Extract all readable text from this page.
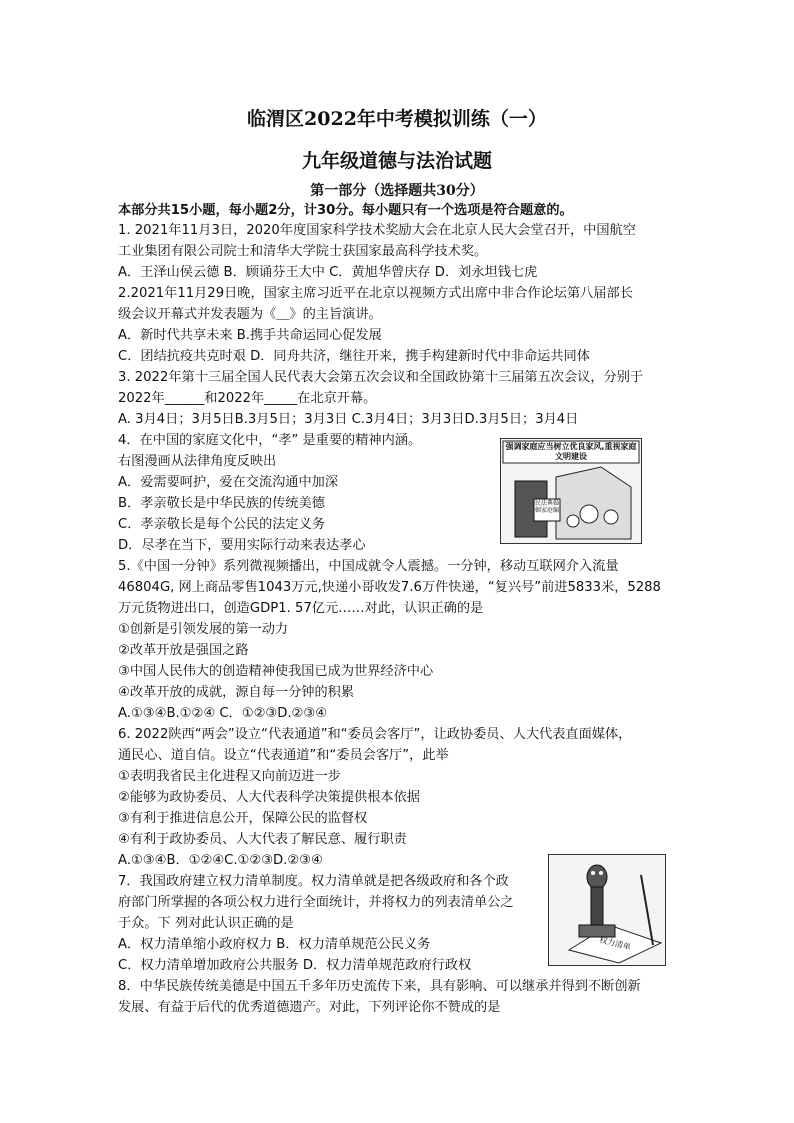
临渭区2022年中考模拟训练（一）
九年级道德与法治试题
第一部分（选择题共30分）
本部分共15小题，每小题2分，计30分。每小题只有一个选项是符合题意的。
1. 2021年11月3日，2020年度国家科学技术奖励大会在北京人民大会堂召开，中国航空
工业集团有限公司院士和清华大学院士获国家最高科学技术奖。
A．王泽山侯云德 B．顾诵芬王大中 C．黄旭华曾庆存 D．刘永坦钱七虎
2.2021年11月29日晚，国家主席习近平在北京以视频方式出席中非合作论坛第八届部长
级会议开幕式并发表题为《＿》的主旨演讲。
A．新时代共享未来 B.携手共命运同心促发展
C．团结抗疫共克时艰 D．同舟共济，继往开来，携手构建新时代中非命运共同体
3. 2022年第十三届全国人民代表大会第五次会议和全国政协第十三届第五次会议，分别于
2022年______和2022年_____在北京开幕。
A. 3月4日；3月5日B.3月5日；3月3日 C.3月4日；3月3日D.3月5日；3月4日
4．在中国的家庭文化中，“孝” 是重要的精神内涵。
右图漫画从法律角度反映出
A．爱需要呵护，爱在交流沟通中加深
B．孝亲敬长是中华民族的传统美德
C．孝亲敬长是每个公民的法定义务
D．尽孝在当下，要用实际行动来表达孝心
强调家庭应当树立优良家风,重视家庭文明建设
民法典婚姻家庭编
5.《中国一分钟》系列微视频播出，中国成就令人震撼。一分钟，移动互联网介入流量
46804G, 网上商品零售1043万元,快递小哥收发7.6万件快递，“复兴号”前进5833米，5288
万元货物进出口，创造GDP1. 57亿元……对此，认识正确的是
①创新是引领发展的第一动力
②改革开放是强国之路
③中国人民伟大的创造精神使我国已成为世界经济中心
④改革开放的成就，源自每一分钟的积累
A.①③④B.①②④ C．①②③D.②③④
6. 2022陕西“两会”设立“代表通道”和“委员会客厅”，让政协委员、人大代表直面媒体，
通民心、道自信。设立“代表通道”和“委员会客厅”，此举
①表明我省民主化进程又向前迈进一步
②能够为政协委员、人大代表科学决策提供根本依据
③有利于推进信息公开，保障公民的监督权
④有利于政协委员、人大代表了解民意、履行职责
A.①③④B．①②④C.①②③D.②③④
7．我国政府建立权力清单制度。权力清单就是把各级政府和各个政
府部门所掌握的各项公权力进行全面统计，并将权力的列表清单公之
于众。下 列对此认识正确的是
A．权力清单缩小政府权力 B．权力清单规范公民义务
C．权力清单增加政府公共服务 D．权力清单规范政府行政权
8．中华民族传统美德是中国五千多年历史流传下来，具有影响、可以继承并得到不断创新
发展、有益于后代的优秀道德遗产。对此，下列评论你不赞成的是
权力清单
